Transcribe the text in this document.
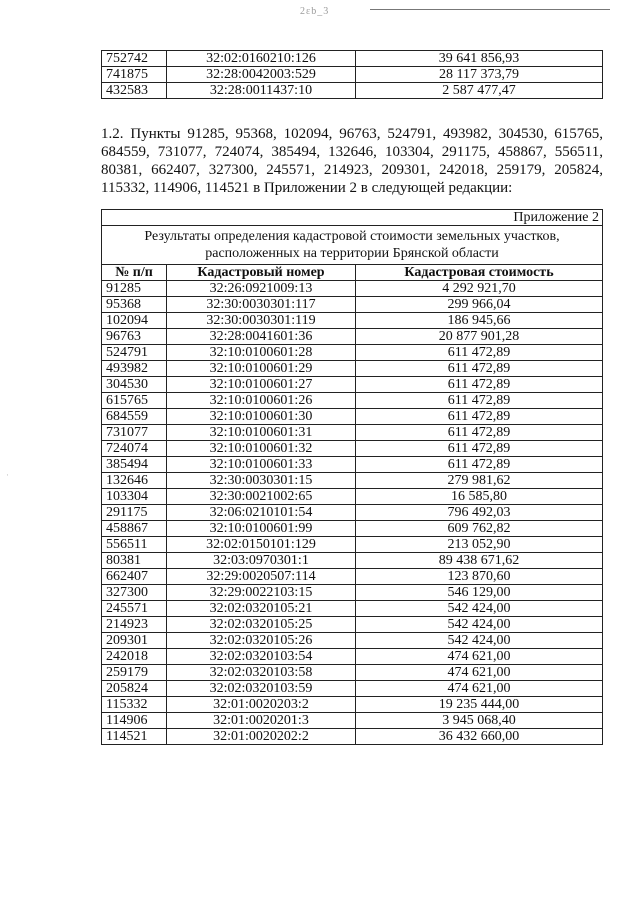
2ɛb_3
752742	32:02:0160210:126	39 641 856,93
741875	32:28:0042003:529	28 117 373,79
432583	32:28:0011437:10	2 587 477,47
1.2. Пункты 91285, 95368, 102094, 96763, 524791, 493982, 304530, 615765, 684559, 731077, 724074, 385494, 132646, 103304, 291175, 458867, 556511, 80381, 662407, 327300, 245571, 214923, 209301, 242018, 259179, 205824, 115332, 114906, 114521 в Приложении 2 в следующей редакции:
Приложение 2		
Результаты определения кадастровой стоимости земельных участков, расположенных на территории Брянской области		
№ п/п	Кадастровый номер	Кадастровая стоимость
91285	32:26:0921009:13	4 292 921,70
95368	32:30:0030301:117	299 966,04
102094	32:30:0030301:119	186 945,66
96763	32:28:0041601:36	20 877 901,28
524791	32:10:0100601:28	611 472,89
493982	32:10:0100601:29	611 472,89
304530	32:10:0100601:27	611 472,89
615765	32:10:0100601:26	611 472,89
684559	32:10:0100601:30	611 472,89
731077	32:10:0100601:31	611 472,89
724074	32:10:0100601:32	611 472,89
385494	32:10:0100601:33	611 472,89
132646	32:30:0030301:15	279 981,62
103304	32:30:0021002:65	16 585,80
291175	32:06:0210101:54	796 492,03
458867	32:10:0100601:99	609 762,82
556511	32:02:0150101:129	213 052,90
80381	32:03:0970301:1	89 438 671,62
662407	32:29:0020507:114	123 870,60
327300	32:29:0022103:15	546 129,00
245571	32:02:0320105:21	542 424,00
214923	32:02:0320105:25	542 424,00
209301	32:02:0320105:26	542 424,00
242018	32:02:0320103:54	474 621,00
259179	32:02:0320103:58	474 621,00
205824	32:02:0320103:59	474 621,00
115332	32:01:0020203:2	19 235 444,00
114906	32:01:0020201:3	3 945 068,40
114521	32:01:0020202:2	36 432 660,00
·
